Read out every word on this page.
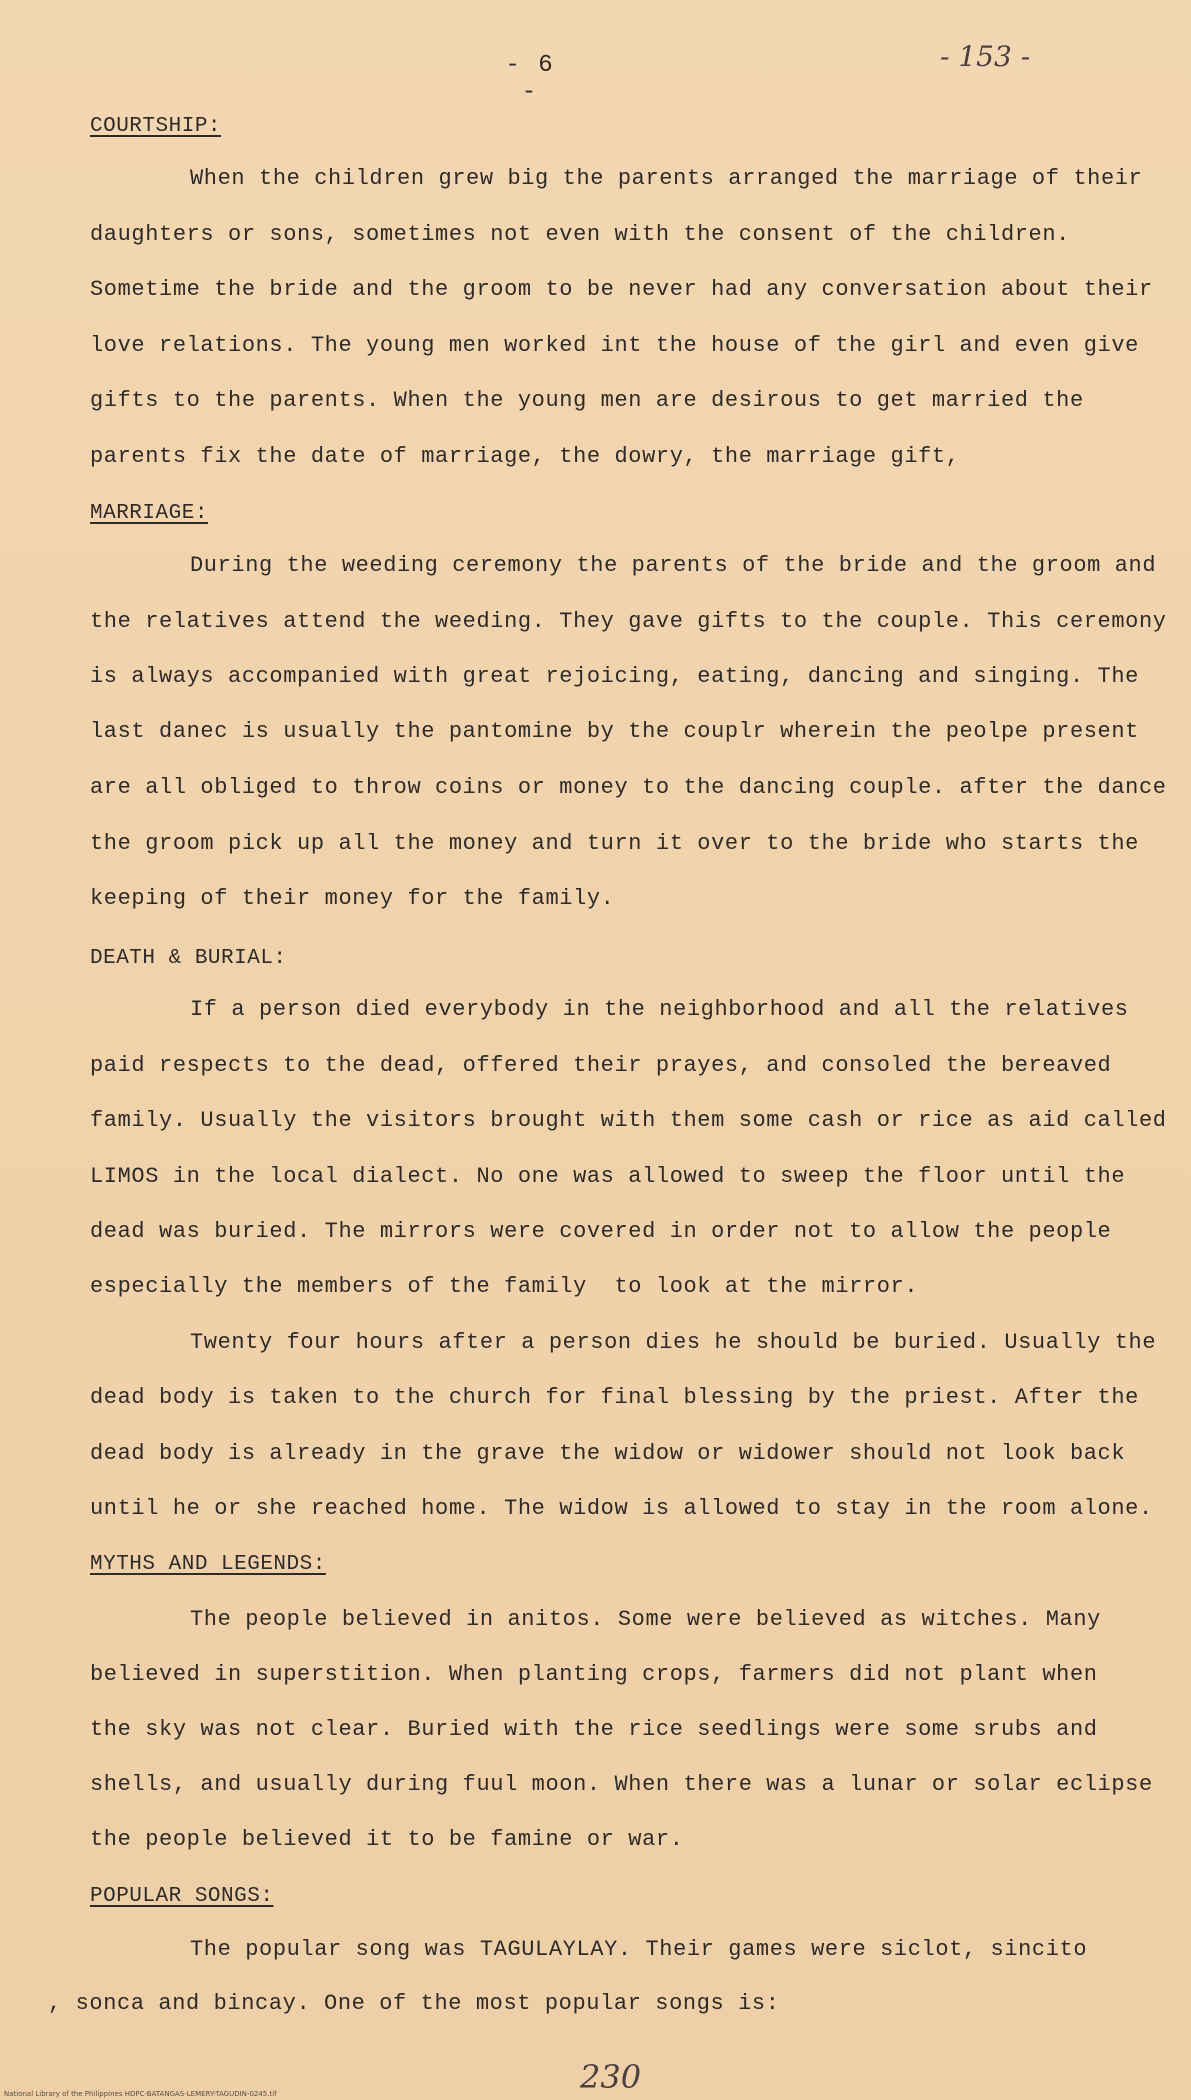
- 6 -
- 153 -
COURTSHIP:
When the children grew big the parents arranged the marriage of their
daughters or sons, sometimes not even with the consent of the children.
Sometime the bride and the groom to be never had any conversation about their
love relations. The young men worked int the house of the girl and even give
gifts to the parents. When the young men are desirous to get married the
parents fix the date of marriage, the dowry, the marriage gift,
MARRIAGE:
During the weeding ceremony the parents of the bride and the groom and
the relatives attend the weeding. They gave gifts to the couple. This ceremony
is always accompanied with great rejoicing, eating, dancing and singing. The
last danec is usually the pantomine by the couplr wherein the peolpe present
are all obliged to throw coins or money to the dancing couple. after the dance
the groom pick up all the money and turn it over to the bride who starts the
keeping of their money for the family.
DEATH & BURIAL:
If a person died everybody in the neighborhood and all the relatives
paid respects to the dead, offered their prayes, and consoled the bereaved
family. Usually the visitors brought with them some cash or rice as aid called
LIMOS in the local dialect. No one was allowed to sweep the floor until the
dead was buried. The mirrors were covered in order not to allow the people
especially the members of the family  to look at the mirror.
Twenty four hours after a person dies he should be buried. Usually the
dead body is taken to the church for final blessing by the priest. After the
dead body is already in the grave the widow or widower should not look back
until he or she reached home. The widow is allowed to stay in the room alone.
MYTHS AND LEGENDS:
The people believed in anitos. Some were believed as witches. Many
believed in superstition. When planting crops, farmers did not plant when
the sky was not clear. Buried with the rice seedlings were some srubs and
shells, and usually during fuul moon. When there was a lunar or solar eclipse
the people believed it to be famine or war.
POPULAR SONGS:
The popular song was TAGULAYLAY. Their games were siclot, sincito
, sonca and bincay. One of the most popular songs is:
230
National Library of the Philippines HDPC-BATANGAS-LEMERY-TAGUDIN-0245.tif
